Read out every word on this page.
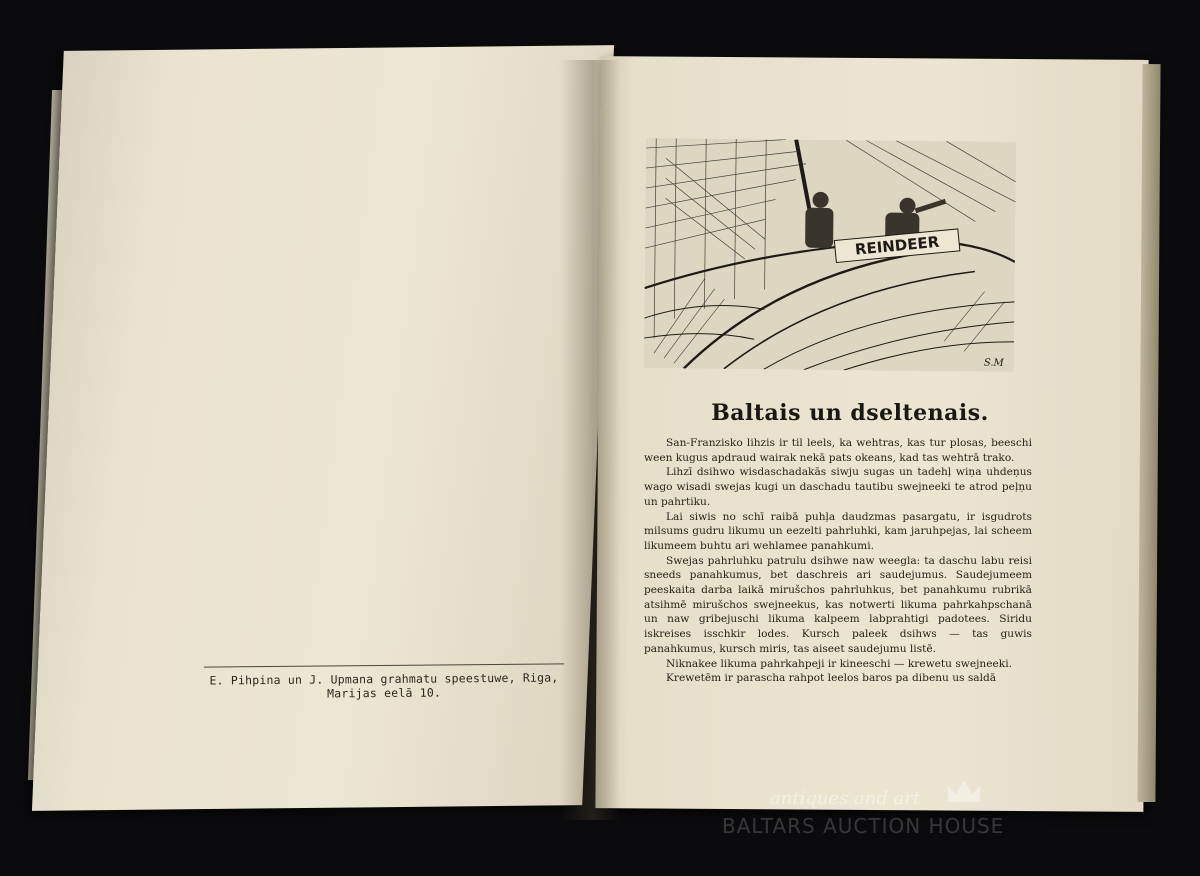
E. Pihpina un J. Upmana grahmatu spеestuwe, Riga, Marijas eelā 10.
REINDEER
S.M
Baltais un dseltenais.

San-Franzisko lihzis ir til leels, ka wehtras, kas tur plosas, beeschi ween kugus apdraud wairak nekā pats okeans, kad tas wehtrā trako.

Lihzī dsihwo wisdaschadakās siwju sugas un tadehļ wiņa uhdeņus wago wisadi swejas kugi un daschadu tautibu swejneeki te atrod peļņu un pahrtiku.

Lai siwis no schī raibā puhļa daudzmas pasargatu, ir isgudrots milsums gudru likumu un eezelti pahrluhki, kam jaruhpejas, lai scheem likumeem buhtu ari wehlamee panahkumi.

Swejas pahrluhku patrulu dsihwe naw weegla: ta daschu labu reisi sneeds panahkumus, bet daschreis ari saudejumus. Saudejumeem peeskaita darba laikā mirušchos pahrluhkus, bet panahkumu rubrikā atsihmē mirušchos swejneekus, kas notwerti likuma pahrkahpschanā un naw gribejuschi likuma kalpeem labprahtigi padotees. Siridu iskreises isschkir lodes. Kursch paleek dsihws — tas guwis panahkumus, kursch miris, tas aiseet saudejumu listē.

Niknakee likuma pahrkahpeji ir kineeschi — krewetu swejneeki.

Krewetēm ir parascha rahpot leelos baros pa dibenu us saldā

antiques and art
BALTARS AUCTION HOUSE
